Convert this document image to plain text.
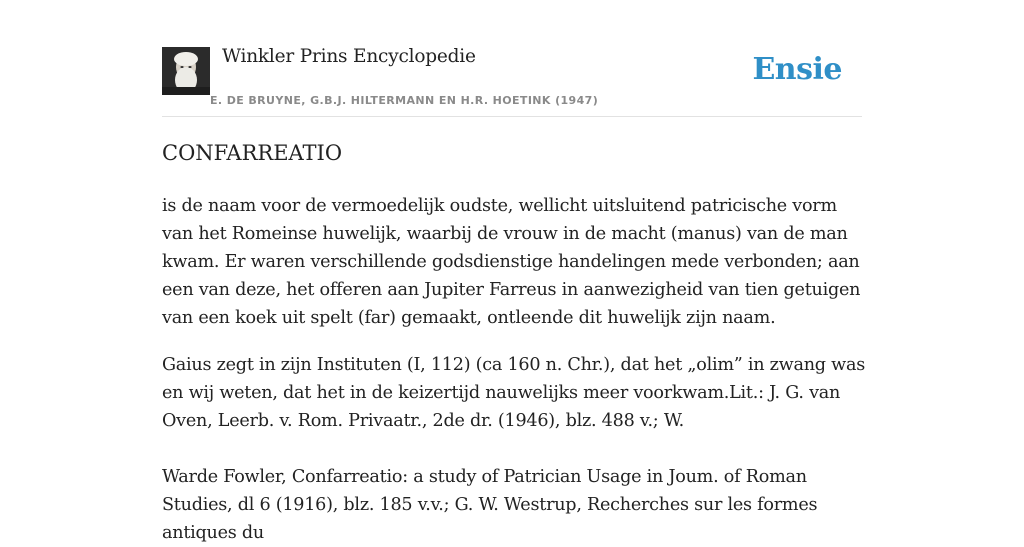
Winkler Prins Encyclopedie
E. DE BRUYNE, G.B.J. HILTERMANN EN H.R. HOETINK (1947)
Ensie
CONFARREATIO

is de naam voor de vermoedelijk oudste, wellicht uitsluitend patricische vorm van het Romeinse huwelijk, waarbij de vrouw in de macht (manus) van de man kwam. Er waren verschillende godsdienstige handelingen mede verbonden; aan een van deze, het offeren aan Jupiter Farreus in aanwezigheid van tien getuigen van een koek uit spelt (far) gemaakt, ontleende dit huwelijk zijn naam.

Gaius zegt in zijn Instituten (I, 112) (ca 160 n. Chr.), dat het „olim” in zwang was en wij weten, dat het in de keizertijd nauwelijks meer voorkwam.Lit.: J. G. van Oven, Leerb. v. Rom. Privaatr., 2de dr. (1946), blz. 488 v.; W.

Warde Fowler, Confarreatio: a study of Patrician Usage in Joum. of Roman Studies, dl 6 (1916), blz. 185 v.v.; G. W. Westrup, Recherches sur les formes antiques du
